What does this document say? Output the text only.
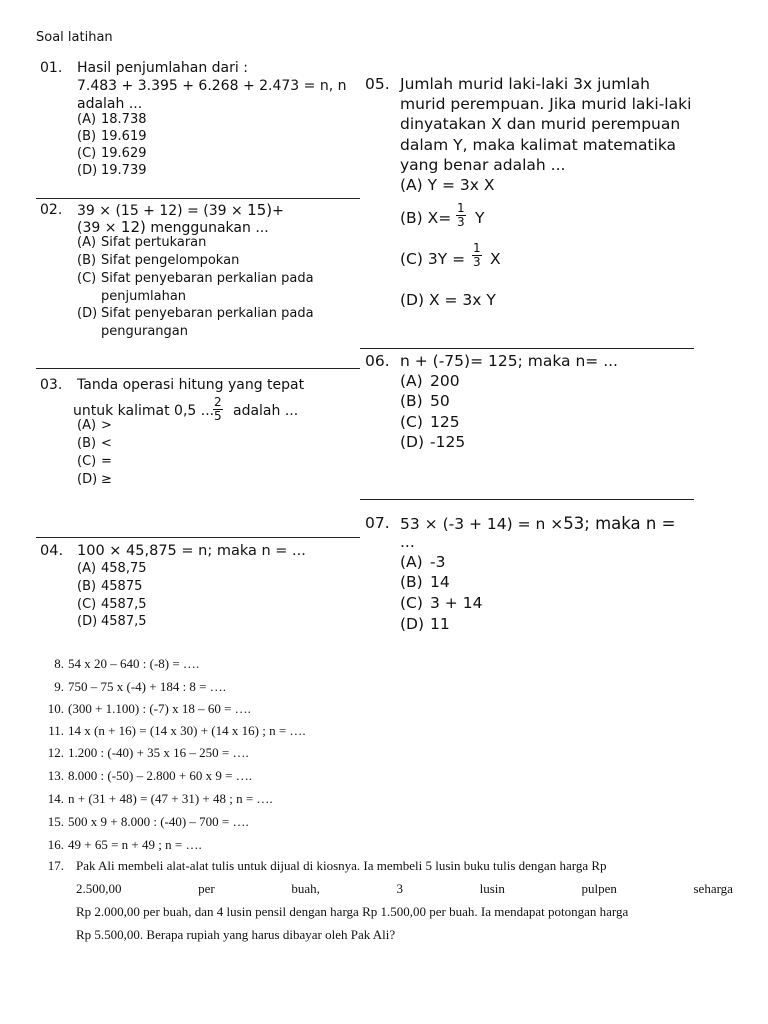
Soal latihan
01. Hasil penjumlahan dari :
7.483 + 3.395 + 6.268 + 2.473 = n, n
adalah ...
(A) 18.738
(B) 19.619
(C) 19.629
(D) 19.739
02. 39 × (15 + 12) = (39 × 15)+
(39 × 12) menggunakan ...
(A) Sifat pertukaran
(B) Sifat pengelompokan
(C) Sifat penyebaran perkalian pada
penjumlahan
(D) Sifat penyebaran perkalian pada
pengurangan
03. Tanda operasi hitung yang tepat
untuk kalimat 0,5 ...
$\frac{2}{5}$ adalah ...
(A) >
(B) <
(C) =
(D) ≥
04. 100 × 45,875 = n; maka n = ...
(A) 458,75
(B) 45875
(C) 4587,5
(D) 4587,5
05. Jumlah murid laki-laki 3x jumlah
murid perempuan. Jika murid laki-laki
dinyatakan X dan murid perempuan
dalam Y, maka kalimat matematika
yang benar adalah ...
(A) Y = 3x X
(B) $X= \frac{1}{3}$ Y
(C) $3Y = \frac{1}{3}$ X
(D) X = 3x Y
06. n + (-75)= 125; maka n= ...
(A) 200
(B) 50
(C) 125
(D) -125
07. 53 × (-3 + 14) = n ×53; maka n =
...
(A) -3
(B) 14
(C) 3 + 14
(D) 11
8. 54 x 20 – 640 : (-8) = ….
9. 750 – 75 x (-4) + 184 : 8 = ….
10. (300 + 1.100) : (-7) x 18 – 60 = ….
11. 14 x (n + 16) = (14 x 30) + (14 x 16) ; n = ….
12. 1.200 : (-40) + 35 x 16 – 250 = ….
13. 8.000 : (-50) – 2.800 + 60 x 9 = ….
14. n + (31 + 48) = (47 + 31) + 48 ; n = ….
15. 500 x 9 + 8.000 : (-40) – 700 = ….
16. 49 + 65 = n + 49 ; n = ….
17. Pak Ali membeli alat-alat tulis untuk dijual di kiosnya. Ia membeli 5 lusin buku tulis dengan harga Rp
2.500,00	per	buah,	3	lusin	pulpen	seharga
Rp 2.000,00 per buah, dan 4 lusin pensil dengan harga Rp 1.500,00 per buah. Ia mendapat potongan harga
Rp 5.500,00. Berapa rupiah yang harus dibayar oleh Pak Ali?
